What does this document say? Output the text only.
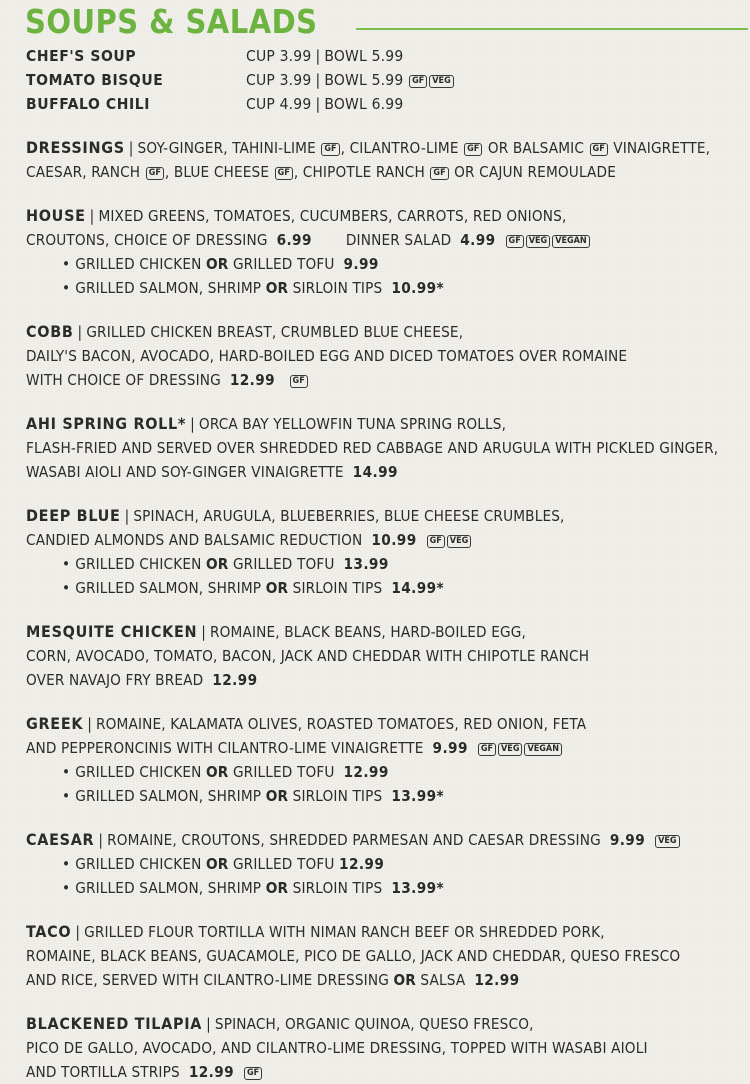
SOUPS & SALADS
CHEF'S SOUP	CUP 3.99 | BOWL 5.99
TOMATO BISQUE	CUP 3.99 | BOWL 5.99 GF VEG
BUFFALO CHILI	CUP 4.99 | BOWL 6.99
DRESSINGS | SOY-GINGER, TAHINI-LIME GF , CILANTRO-LIME GF OR BALSAMIC GF VINAIGRETTE,
CAESAR, RANCH GF , BLUE CHEESE GF , CHIPOTLE RANCH GF OR CAJUN REMOULADE
HOUSE | MIXED GREENS, TOMATOES, CUCUMBERS, CARROTS, RED ONIONS,
CROUTONS, CHOICE OF DRESSING 6.99 DINNER SALAD 4.99 GF VEG VEGAN
• GRILLED CHICKEN OR GRILLED TOFU 9.99
• GRILLED SALMON, SHRIMP OR SIRLOIN TIPS 10.99*
COBB | GRILLED CHICKEN BREAST, CRUMBLED BLUE CHEESE,
DAILY'S BACON, AVOCADO, HARD-BOILED EGG AND DICED TOMATOES OVER ROMAINE
WITH CHOICE OF DRESSING 12.99 GF
AHI SPRING ROLL* | ORCA BAY YELLOWFIN TUNA SPRING ROLLS,
FLASH-FRIED AND SERVED OVER SHREDDED RED CABBAGE AND ARUGULA WITH PICKLED GINGER,
WASABI AIOLI AND SOY-GINGER VINAIGRETTE 14.99
DEEP BLUE | SPINACH, ARUGULA, BLUEBERRIES, BLUE CHEESE CRUMBLES,
CANDIED ALMONDS AND BALSAMIC REDUCTION 10.99 GF VEG
• GRILLED CHICKEN OR GRILLED TOFU 13.99
• GRILLED SALMON, SHRIMP OR SIRLOIN TIPS 14.99*
MESQUITE CHICKEN | ROMAINE, BLACK BEANS, HARD-BOILED EGG,
CORN, AVOCADO, TOMATO, BACON, JACK AND CHEDDAR WITH CHIPOTLE RANCH
OVER NAVAJO FRY BREAD 12.99
GREEK | ROMAINE, KALAMATA OLIVES, ROASTED TOMATOES, RED ONION, FETA
AND PEPPERONCINIS WITH CILANTRO-LIME VINAIGRETTE 9.99 GF VEG VEGAN
• GRILLED CHICKEN OR GRILLED TOFU 12.99
• GRILLED SALMON, SHRIMP OR SIRLOIN TIPS 13.99*
CAESAR | ROMAINE, CROUTONS, SHREDDED PARMESAN AND CAESAR DRESSING 9.99 VEG
• GRILLED CHICKEN OR GRILLED TOFU 12.99
• GRILLED SALMON, SHRIMP OR SIRLOIN TIPS 13.99*
TACO | GRILLED FLOUR TORTILLA WITH NIMAN RANCH BEEF OR SHREDDED PORK,
ROMAINE, BLACK BEANS, GUACAMOLE, PICO DE GALLO, JACK AND CHEDDAR, QUESO FRESCO
AND RICE, SERVED WITH CILANTRO-LIME DRESSING OR SALSA 12.99
BLACKENED TILAPIA | SPINACH, ORGANIC QUINOA, QUESO FRESCO,
PICO DE GALLO, AVOCADO, AND CILANTRO-LIME DRESSING, TOPPED WITH WASABI AIOLI
AND TORTILLA STRIPS 12.99 GF
